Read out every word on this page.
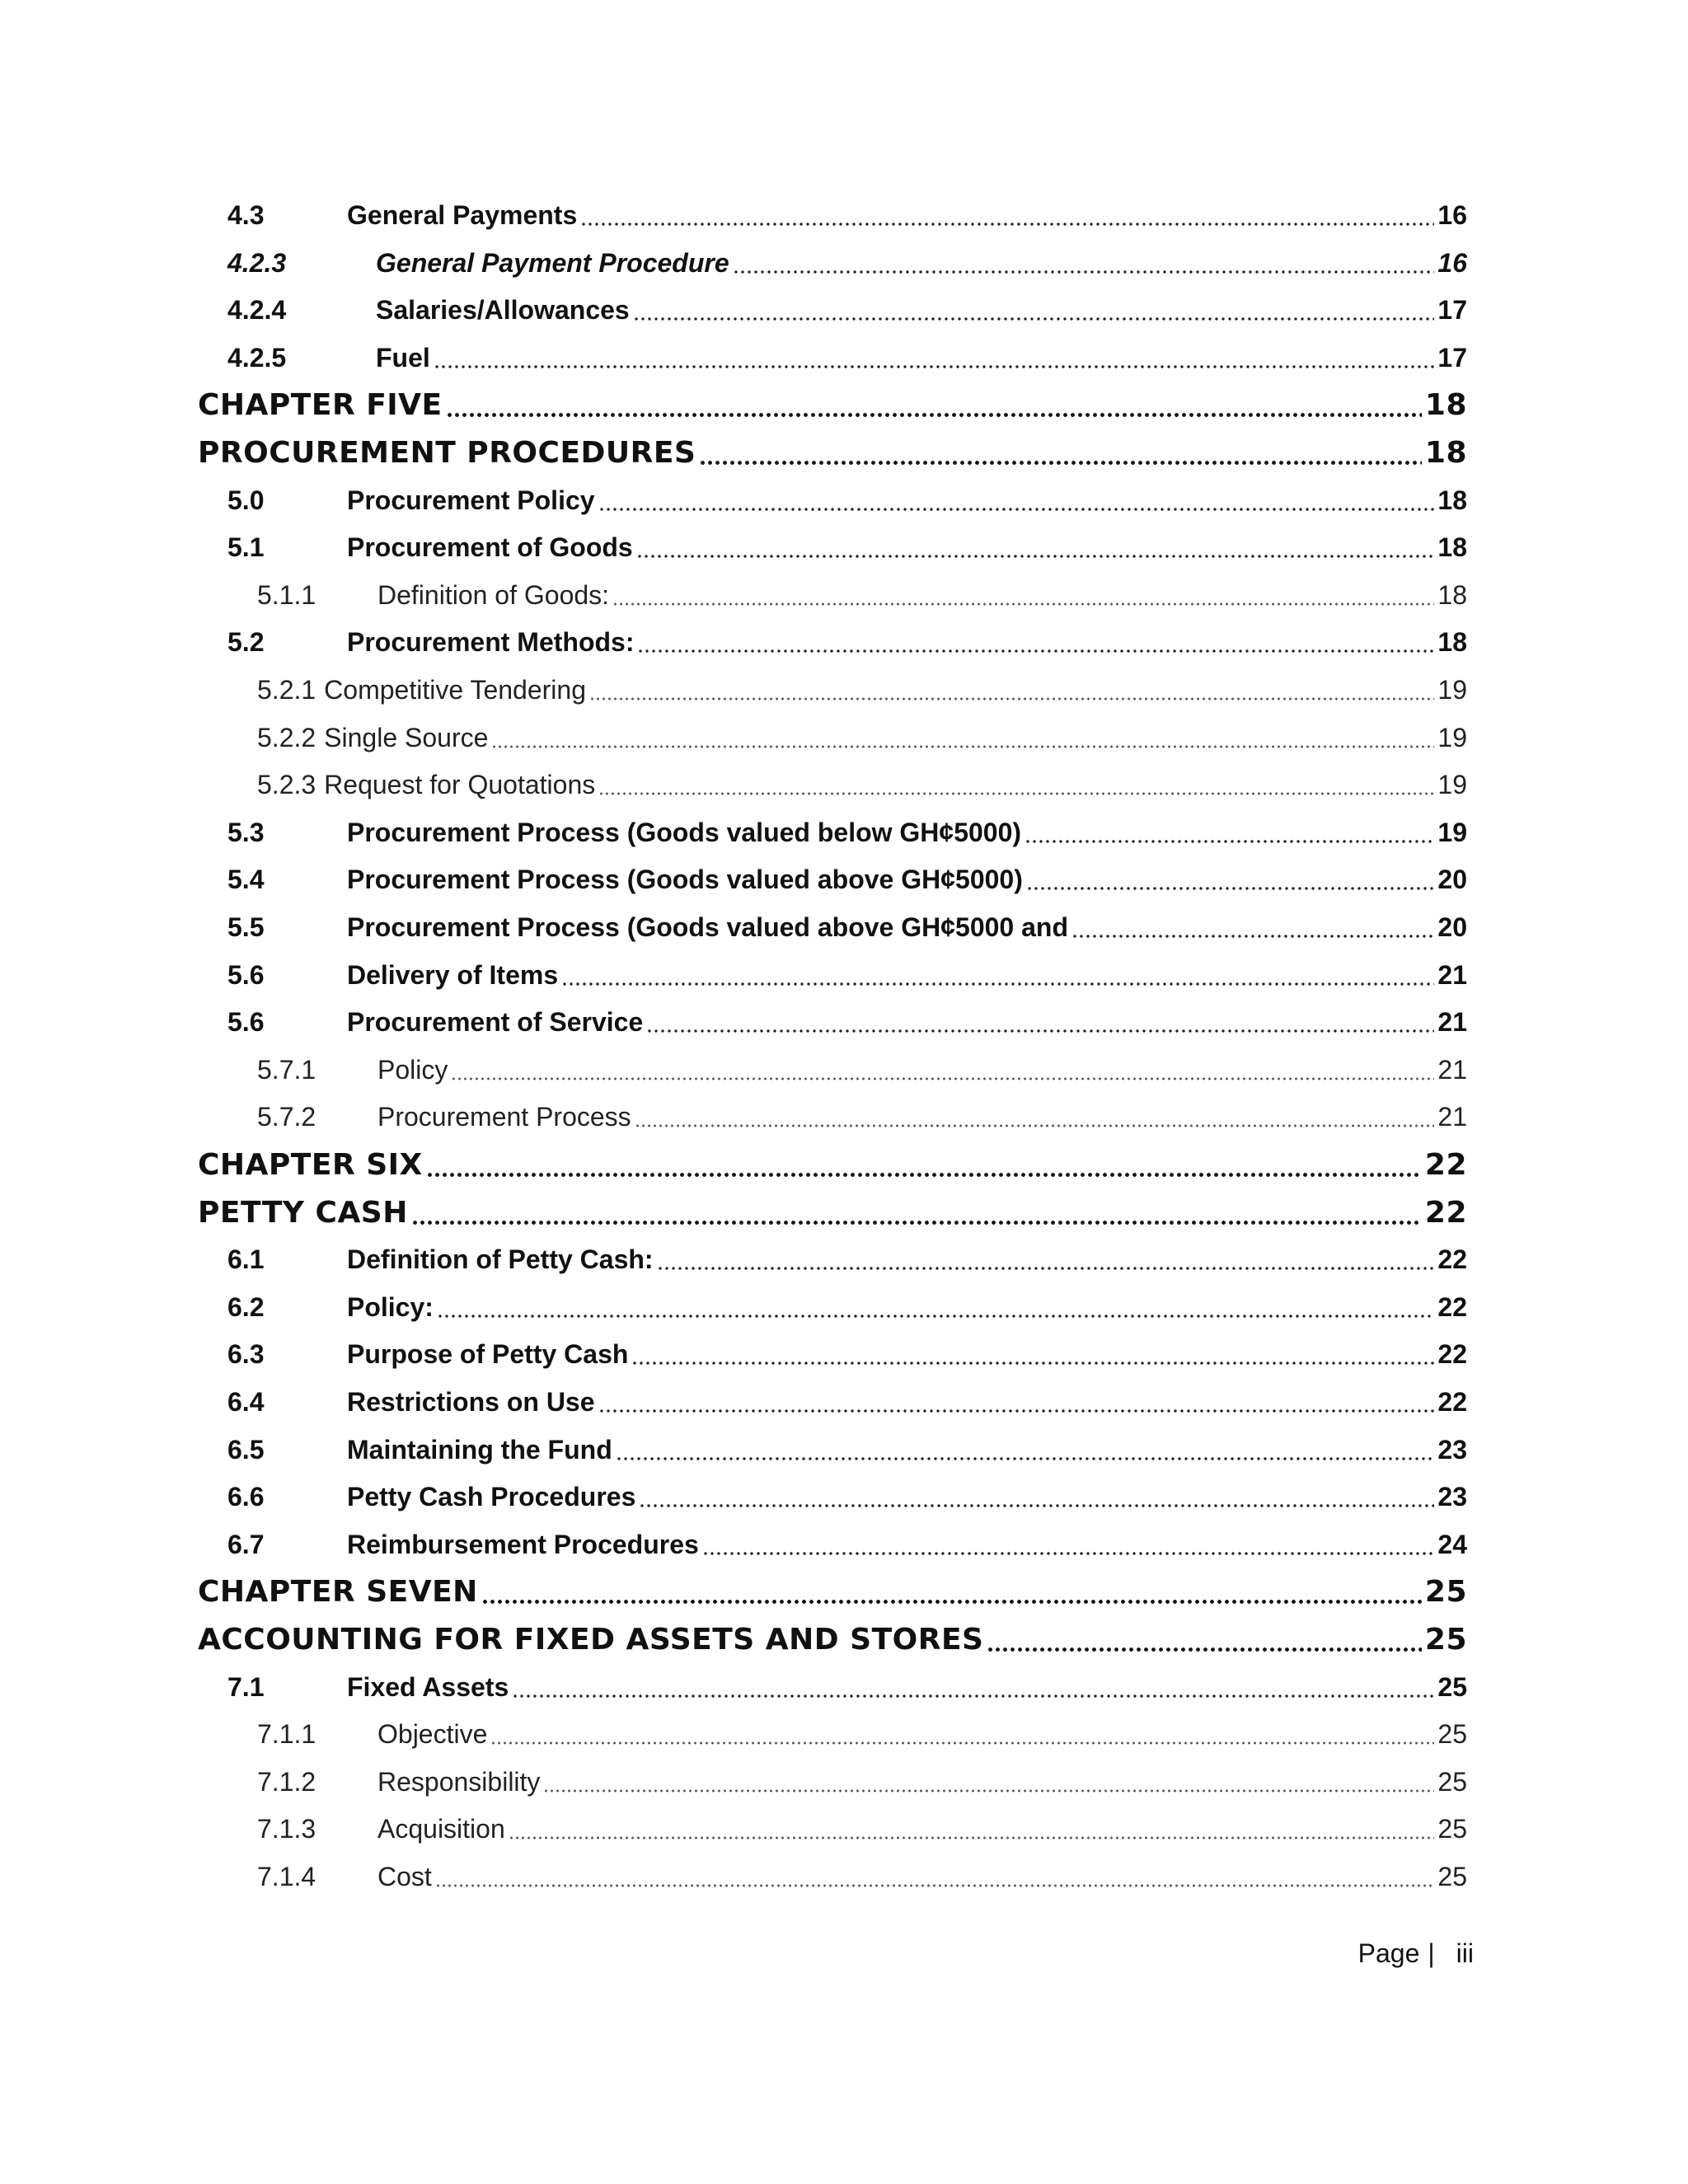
4.3	General Payments	16
4.2.3	General Payment Procedure	16
4.2.4	Salaries/Allowances	17
4.2.5	Fuel	17
CHAPTER FIVE	18
PROCUREMENT PROCEDURES	18
5.0	Procurement Policy	18
5.1	Procurement of Goods	18
5.1.1	Definition of Goods:	18
5.2	Procurement Methods:	18
5.2.1 Competitive Tendering	19
5.2.2 Single Source	19
5.2.3 Request for Quotations	19
5.3	Procurement Process (Goods valued below GH¢5000)	19
5.4	Procurement Process (Goods valued above GH¢5000)	20
5.5	Procurement Process (Goods valued above GH¢5000 and	20
5.6	Delivery of Items	21
5.6	Procurement of Service	21
5.7.1	Policy	21
5.7.2	Procurement Process	21
CHAPTER SIX	22
PETTY CASH	22
6.1	Definition of Petty Cash:	22
6.2	Policy:	22
6.3	Purpose of Petty Cash	22
6.4	Restrictions on Use	22
6.5	Maintaining the Fund	23
6.6	Petty Cash Procedures	23
6.7	Reimbursement Procedures	24
CHAPTER SEVEN	25
ACCOUNTING FOR FIXED ASSETS AND STORES	25
7.1	Fixed Assets	25
7.1.1	Objective	25
7.1.2	Responsibility	25
7.1.3	Acquisition	25
7.1.4	Cost	25
Page | iii
